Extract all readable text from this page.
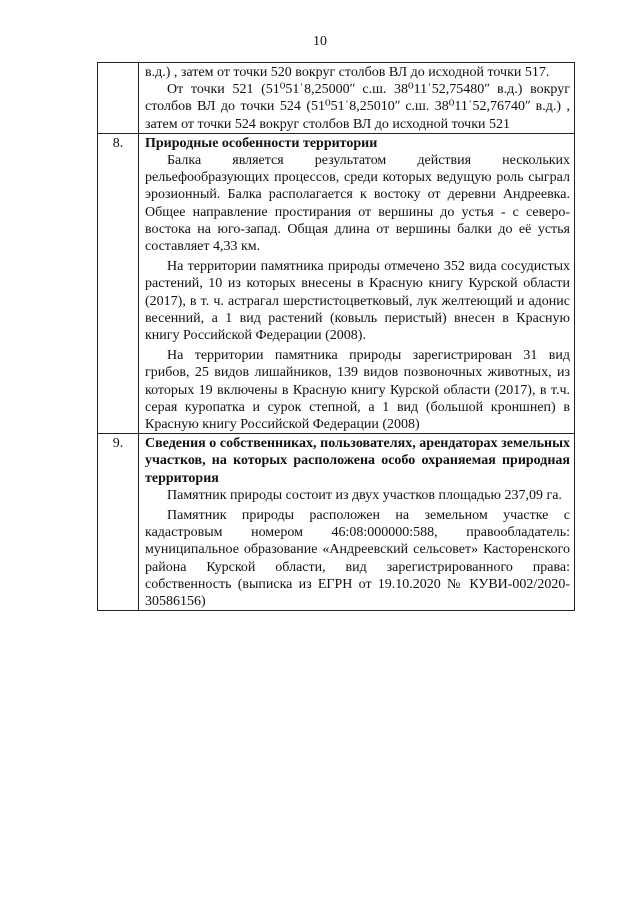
10

	в.д.) , затем от точки 520 вокруг столбов ВЛ до исходной точки 517.

От точки 521 (51⁰51ˈ8,25000ʺ с.ш. 38⁰11ˈ52,75480ʺ в.д.) вокруг столбов ВЛ до точки 524 (51⁰51ˈ8,25010ʺ с.ш. 38⁰11ˈ52,76740ʺ в.д.) , затем от точки 524 вокруг столбов ВЛ до исходной точки 521

8.	Природные особенности территории

Балка является результатом действия нескольких рельефообразующих процессов, среди которых ведущую роль сыграл эрозионный. Балка располагается к востоку от деревни Андреевка. Общее направление простирания от вершины до устья - с северо-востока на юго-запад. Общая длина от вершины балки до её устья составляет 4,33 км.

На территории памятника природы отмечено 352 вида сосудистых растений, 10 из которых внесены в Красную книгу Курской области (2017), в т. ч. астрагал шерстистоцветковый, лук желтеющий и адонис весенний, а 1 вид растений (ковыль перистый) внесен в Красную книгу Российской Федерации (2008).

На территории памятника природы зарегистрирован 31 вид грибов, 25 видов лишайников, 139 видов позвоночных животных, из которых 19 включены в Красную книгу Курской области (2017), в т.ч. серая куропатка и сурок степной, а 1 вид (большой кроншнеп) в Красную книгу Российской Федерации (2008)

9.	Сведения о собственниках, пользователях, арендаторах земельных участков, на которых расположена особо охраняемая природная территория

Памятник природы состоит из двух участков площадью 237,09 га.

Памятник природы расположен на земельном участке с кадастровым номером 46:08:000000:588, правообладатель: муниципальное образование «Андреевский сельсовет» Касторенского района Курской области, вид зарегистрированного права: собственность (выписка из ЕГРН от 19.10.2020 № КУВИ-002/2020-30586156)
